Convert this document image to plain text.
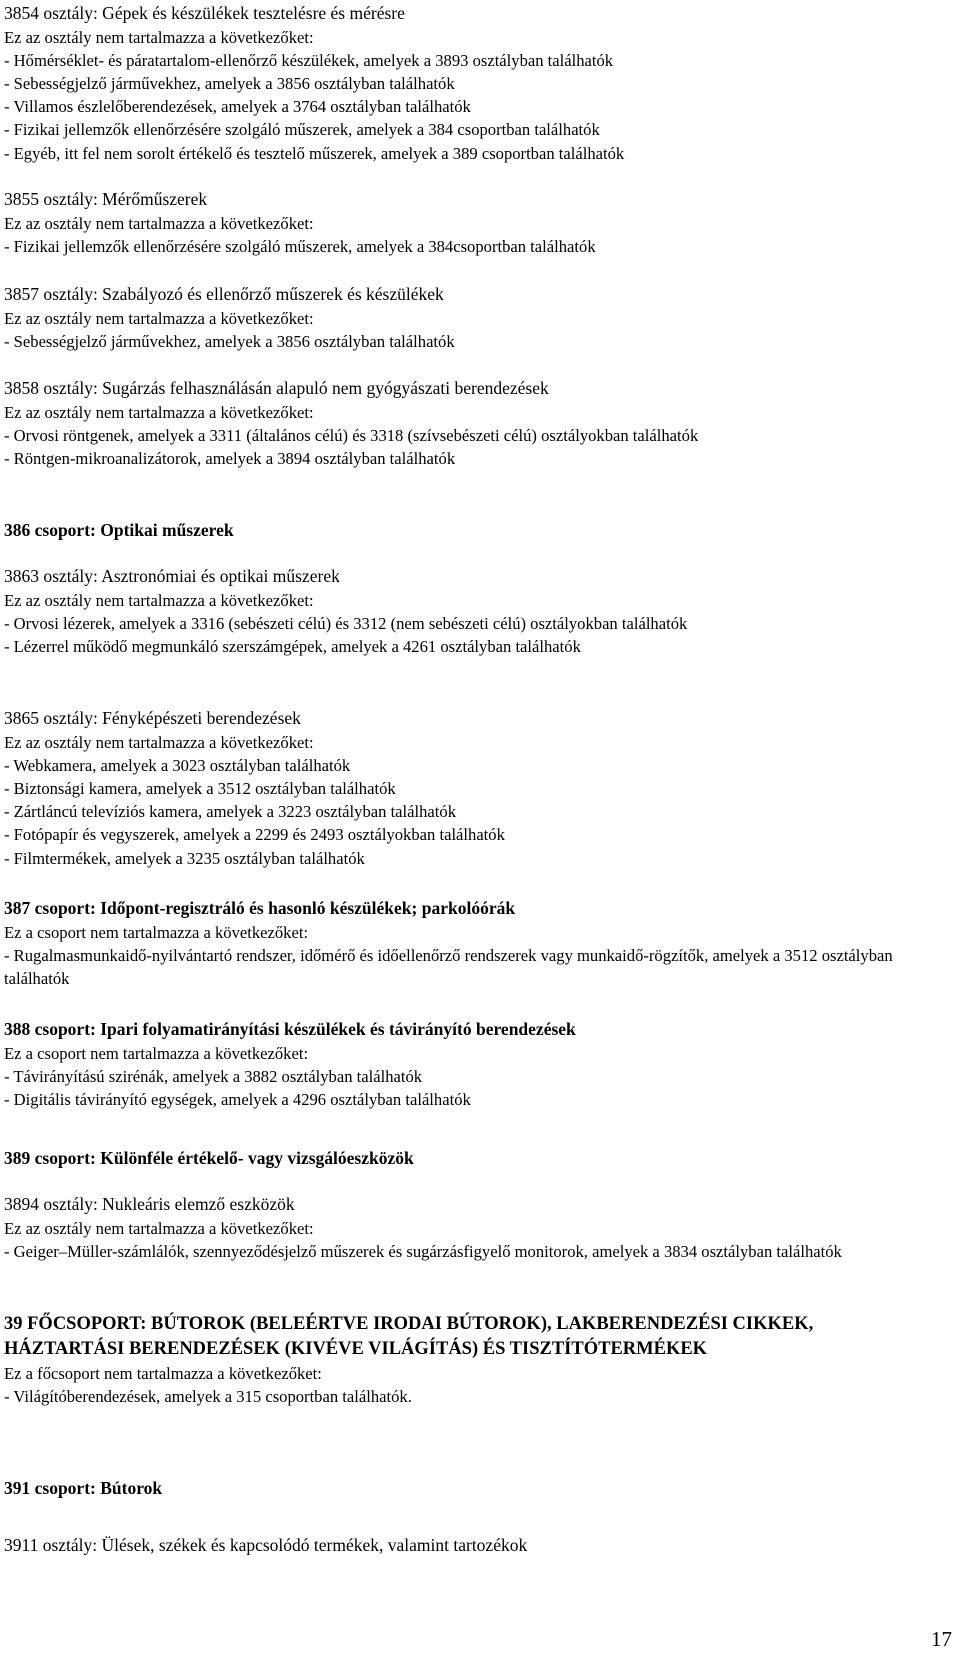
3854 osztály: Gépek és készülékek tesztelésre és mérésre
Ez az osztály nem tartalmazza a következőket:
- Hőmérséklet- és páratartalom-ellenőrző készülékek, amelyek a 3893 osztályban találhatók
- Sebességjelző járművekhez, amelyek a 3856 osztályban találhatók
- Villamos észlelőberendezések, amelyek a 3764 osztályban találhatók
- Fizikai jellemzők ellenőrzésére szolgáló műszerek, amelyek a 384 csoportban találhatók
- Egyéb, itt fel nem sorolt értékelő és tesztelő műszerek, amelyek a 389 csoportban találhatók
3855 osztály: Mérőműszerek
Ez az osztály nem tartalmazza a következőket:
- Fizikai jellemzők ellenőrzésére szolgáló műszerek, amelyek a 384csoportban találhatók
3857 osztály: Szabályozó és ellenőrző műszerek és készülékek
Ez az osztály nem tartalmazza a következőket:
- Sebességjelző járművekhez, amelyek a 3856 osztályban találhatók
3858 osztály: Sugárzás felhasználásán alapuló nem gyógyászati berendezések
Ez az osztály nem tartalmazza a következőket:
- Orvosi röntgenek, amelyek a 3311 (általános célú) és 3318 (szívsebészeti célú) osztályokban találhatók
- Röntgen-mikroanalizátorok, amelyek a 3894 osztályban találhatók
386 csoport: Optikai műszerek
3863 osztály: Asztronómiai és optikai műszerek
Ez az osztály nem tartalmazza a következőket:
- Orvosi lézerek, amelyek a 3316 (sebészeti célú) és 3312 (nem sebészeti célú) osztályokban találhatók
- Lézerrel működő megmunkáló szerszámgépek, amelyek a 4261 osztályban találhatók
3865 osztály: Fényképészeti berendezések
Ez az osztály nem tartalmazza a következőket:
- Webkamera, amelyek a 3023 osztályban találhatók
- Biztonsági kamera, amelyek a 3512 osztályban találhatók
- Zártláncú televíziós kamera, amelyek a 3223 osztályban találhatók
- Fotópapír és vegyszerek, amelyek a 2299 és 2493 osztályokban találhatók
- Filmtermékek, amelyek a 3235 osztályban találhatók
387 csoport: Időpont-regisztráló és hasonló készülékek; parkolóórák
Ez a csoport nem tartalmazza a következőket:
- Rugalmasmunkaidő-nyilvántartó rendszer, időmérő és időellenőrző rendszerek vagy munkaidő-rögzítők, amelyek a 3512 osztályban találhatók
388 csoport: Ipari folyamatirányítási készülékek és távirányító berendezések
Ez a csoport nem tartalmazza a következőket:
- Távirányítású szirénák, amelyek a 3882 osztályban találhatók
- Digitális távirányító egységek, amelyek a 4296 osztályban találhatók
389 csoport: Különféle értékelő- vagy vizsgálóeszközök
3894 osztály: Nukleáris elemző eszközök
Ez az osztály nem tartalmazza a következőket:
- Geiger–Müller-számlálók, szennyeződésjelző műszerek és sugárzásfigyelő monitorok, amelyek a 3834 osztályban találhatók
39 FŐCSOPORT: BÚTOROK (BELEÉRTVE IRODAI BÚTOROK), LAKBERENDEZÉSI CIKKEK, HÁZTARTÁSI BERENDEZÉSEK (KIVÉVE VILÁGÍTÁS) ÉS TISZTÍTÓTERMÉKEK
Ez a főcsoport nem tartalmazza a következőket:
- Világítóberendezések, amelyek a 315 csoportban találhatók.
391 csoport: Bútorok
3911 osztály: Ülések, székek és kapcsolódó termékek, valamint tartozékok
17
